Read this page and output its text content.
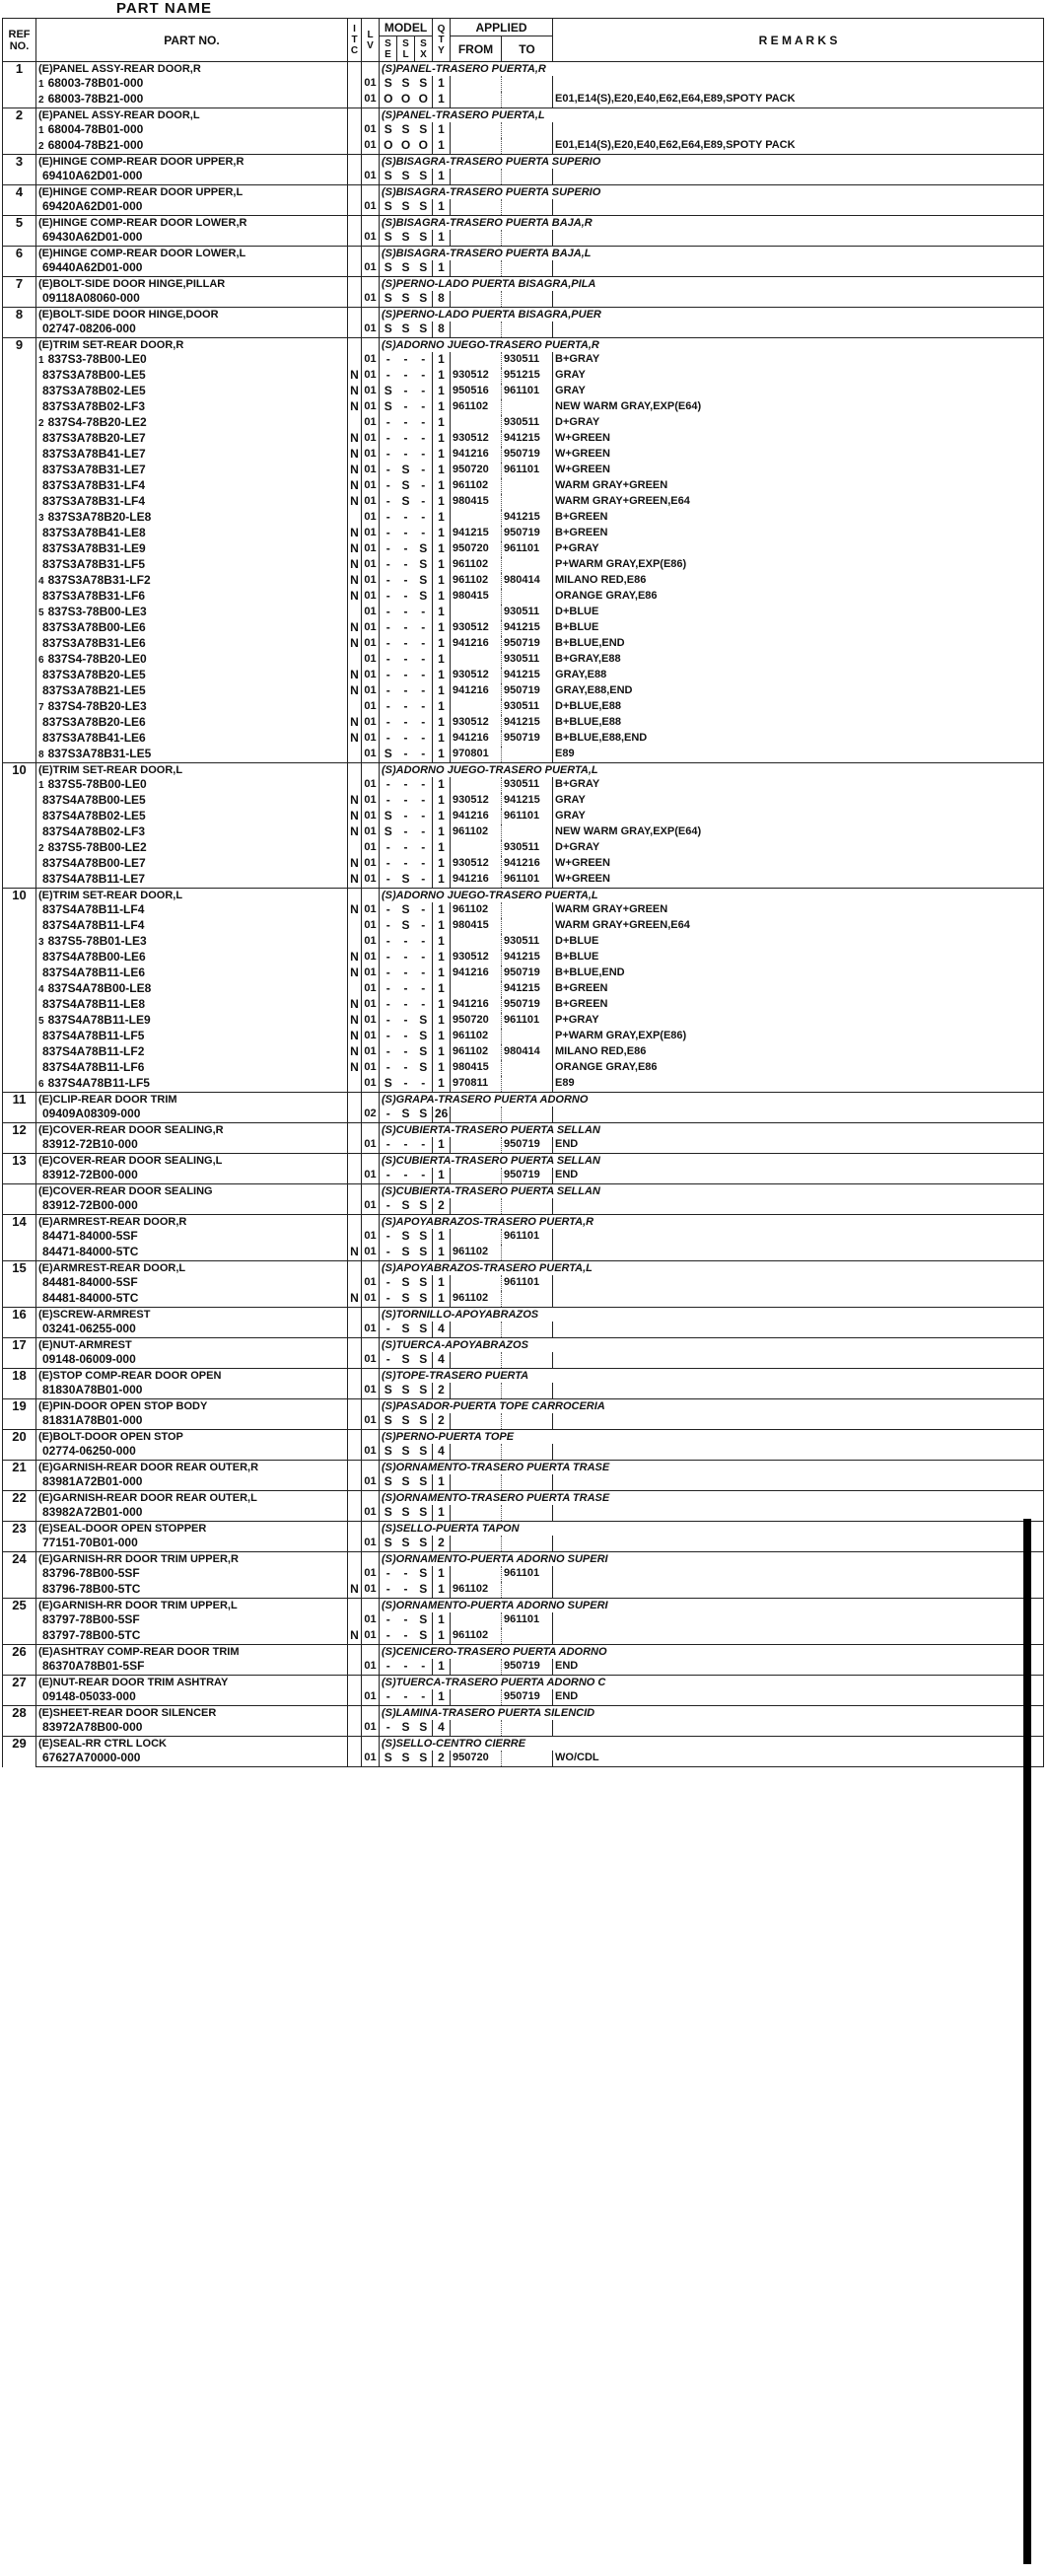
PART NAME
REF
NO.	PART NO.	I
T
C	L
V	MODEL			Q
T
Y	APPLIED		R E M A R K S
				S
E	S
L	S
X		FROM	TO	
1	(E)PANEL ASSY-REAR DOOR,R			(S)PANEL-TRASERO PUERTA,R						
	1 68003-78B01-000		01	S	S	S	1			
	2 68003-78B21-000		01	O	O	O	1			E01,E14(S),E20,E40,E62,E64,E89,SPOTY PACK
2	(E)PANEL ASSY-REAR DOOR,L			(S)PANEL-TRASERO PUERTA,L						
	1 68004-78B01-000		01	S	S	S	1			
	2 68004-78B21-000		01	O	O	O	1			E01,E14(S),E20,E40,E62,E64,E89,SPOTY PACK
3	(E)HINGE COMP-REAR DOOR UPPER,R			(S)BISAGRA-TRASERO PUERTA SUPERIO						
	69410A62D01-000		01	S	S	S	1			
4	(E)HINGE COMP-REAR DOOR UPPER,L			(S)BISAGRA-TRASERO PUERTA SUPERIO						
	69420A62D01-000		01	S	S	S	1			
5	(E)HINGE COMP-REAR DOOR LOWER,R			(S)BISAGRA-TRASERO PUERTA BAJA,R						
	69430A62D01-000		01	S	S	S	1			
6	(E)HINGE COMP-REAR DOOR LOWER,L			(S)BISAGRA-TRASERO PUERTA BAJA,L						
	69440A62D01-000		01	S	S	S	1			
7	(E)BOLT-SIDE DOOR HINGE,PILLAR			(S)PERNO-LADO PUERTA BISAGRA,PILA						
	09118A08060-000		01	S	S	S	8			
8	(E)BOLT-SIDE DOOR HINGE,DOOR			(S)PERNO-LADO PUERTA BISAGRA,PUER						
	02747-08206-000		01	S	S	S	8			
9	(E)TRIM SET-REAR DOOR,R			(S)ADORNO JUEGO-TRASERO PUERTA,R						
	1 837S3-78B00-LE0		01	-	-	-	1		930511	B+GRAY
	837S3A78B00-LE5	N	01	-	-	-	1	930512	951215	GRAY
	837S3A78B02-LE5	N	01	S	-	-	1	950516	961101	GRAY
	837S3A78B02-LF3	N	01	S	-	-	1	961102		NEW WARM GRAY,EXP(E64)
	2 837S4-78B20-LE2		01	-	-	-	1		930511	D+GRAY
	837S3A78B20-LE7	N	01	-	-	-	1	930512	941215	W+GREEN
	837S3A78B41-LE7	N	01	-	-	-	1	941216	950719	W+GREEN
	837S3A78B31-LE7	N	01	-	S	-	1	950720	961101	W+GREEN
	837S3A78B31-LF4	N	01	-	S	-	1	961102		WARM GRAY+GREEN
	837S3A78B31-LF4	N	01	-	S	-	1	980415		WARM GRAY+GREEN,E64
	3 837S3A78B20-LE8		01	-	-	-	1		941215	B+GREEN
	837S3A78B41-LE8	N	01	-	-	-	1	941215	950719	B+GREEN
	837S3A78B31-LE9	N	01	-	-	S	1	950720	961101	P+GRAY
	837S3A78B31-LF5	N	01	-	-	S	1	961102		P+WARM GRAY,EXP(E86)
	4 837S3A78B31-LF2	N	01	-	-	S	1	961102	980414	MILANO RED,E86
	837S3A78B31-LF6	N	01	-	-	S	1	980415		ORANGE GRAY,E86
	5 837S3-78B00-LE3		01	-	-	-	1		930511	D+BLUE
	837S3A78B00-LE6	N	01	-	-	-	1	930512	941215	B+BLUE
	837S3A78B31-LE6	N	01	-	-	-	1	941216	950719	B+BLUE,END
	6 837S4-78B20-LE0		01	-	-	-	1		930511	B+GRAY,E88
	837S3A78B20-LE5	N	01	-	-	-	1	930512	941215	GRAY,E88
	837S3A78B21-LE5	N	01	-	-	-	1	941216	950719	GRAY,E88,END
	7 837S4-78B20-LE3		01	-	-	-	1		930511	D+BLUE,E88
	837S3A78B20-LE6	N	01	-	-	-	1	930512	941215	B+BLUE,E88
	837S3A78B41-LE6	N	01	-	-	-	1	941216	950719	B+BLUE,E88,END
	8 837S3A78B31-LE5		01	S	-	-	1	970801		E89
10	(E)TRIM SET-REAR DOOR,L			(S)ADORNO JUEGO-TRASERO PUERTA,L						
	1 837S5-78B00-LE0		01	-	-	-	1		930511	B+GRAY
	837S4A78B00-LE5	N	01	-	-	-	1	930512	941215	GRAY
	837S4A78B02-LE5	N	01	S	-	-	1	941216	961101	GRAY
	837S4A78B02-LF3	N	01	S	-	-	1	961102		NEW WARM GRAY,EXP(E64)
	2 837S5-78B00-LE2		01	-	-	-	1		930511	D+GRAY
	837S4A78B00-LE7	N	01	-	-	-	1	930512	941216	W+GREEN
	837S4A78B11-LE7	N	01	-	S	-	1	941216	961101	W+GREEN
10	(E)TRIM SET-REAR DOOR,L			(S)ADORNO JUEGO-TRASERO PUERTA,L						
	837S4A78B11-LF4	N	01	-	S	-	1	961102		WARM GRAY+GREEN
	837S4A78B11-LF4		01	-	S	-	1	980415		WARM GRAY+GREEN,E64
	3 837S5-78B01-LE3		01	-	-	-	1		930511	D+BLUE
	837S4A78B00-LE6	N	01	-	-	-	1	930512	941215	B+BLUE
	837S4A78B11-LE6	N	01	-	-	-	1	941216	950719	B+BLUE,END
	4 837S4A78B00-LE8		01	-	-	-	1		941215	B+GREEN
	837S4A78B11-LE8	N	01	-	-	-	1	941216	950719	B+GREEN
	5 837S4A78B11-LE9	N	01	-	-	S	1	950720	961101	P+GRAY
	837S4A78B11-LF5	N	01	-	-	S	1	961102		P+WARM GRAY,EXP(E86)
	837S4A78B11-LF2	N	01	-	-	S	1	961102	980414	MILANO RED,E86
	837S4A78B11-LF6	N	01	-	-	S	1	980415		ORANGE GRAY,E86
	6 837S4A78B11-LF5		01	S	-	-	1	970811		E89
11	(E)CLIP-REAR DOOR TRIM			(S)GRAPA-TRASERO PUERTA ADORNO						
	09409A08309-000		02	-	S	S	26			
12	(E)COVER-REAR DOOR SEALING,R			(S)CUBIERTA-TRASERO PUERTA SELLAN						
	83912-72B10-000		01	-	-	-	1		950719	END
13	(E)COVER-REAR DOOR SEALING,L			(S)CUBIERTA-TRASERO PUERTA SELLAN						
	83912-72B00-000		01	-	-	-	1		950719	END
	(E)COVER-REAR DOOR SEALING			(S)CUBIERTA-TRASERO PUERTA SELLAN						
	83912-72B00-000		01	-	S	S	2			
14	(E)ARMREST-REAR DOOR,R			(S)APOYABRAZOS-TRASERO PUERTA,R						
	84471-84000-5SF		01	-	S	S	1		961101	
	84471-84000-5TC	N	01	-	S	S	1	961102		
15	(E)ARMREST-REAR DOOR,L			(S)APOYABRAZOS-TRASERO PUERTA,L						
	84481-84000-5SF		01	-	S	S	1		961101	
	84481-84000-5TC	N	01	-	S	S	1	961102		
16	(E)SCREW-ARMREST			(S)TORNILLO-APOYABRAZOS						
	03241-06255-000		01	-	S	S	4			
17	(E)NUT-ARMREST			(S)TUERCA-APOYABRAZOS						
	09148-06009-000		01	-	S	S	4			
18	(E)STOP COMP-REAR DOOR OPEN			(S)TOPE-TRASERO PUERTA						
	81830A78B01-000		01	S	S	S	2			
19	(E)PIN-DOOR OPEN STOP BODY			(S)PASADOR-PUERTA TOPE CARROCERIA						
	81831A78B01-000		01	S	S	S	2			
20	(E)BOLT-DOOR OPEN STOP			(S)PERNO-PUERTA TOPE						
	02774-06250-000		01	S	S	S	4			
21	(E)GARNISH-REAR DOOR REAR OUTER,R			(S)ORNAMENTO-TRASERO PUERTA TRASE						
	83981A72B01-000		01	S	S	S	1			
22	(E)GARNISH-REAR DOOR REAR OUTER,L			(S)ORNAMENTO-TRASERO PUERTA TRASE						
	83982A72B01-000		01	S	S	S	1			
23	(E)SEAL-DOOR OPEN STOPPER			(S)SELLO-PUERTA TAPON						
	77151-70B01-000		01	S	S	S	2			
24	(E)GARNISH-RR DOOR TRIM UPPER,R			(S)ORNAMENTO-PUERTA ADORNO SUPERI						
	83796-78B00-5SF		01	-	-	S	1		961101	
	83796-78B00-5TC	N	01	-	-	S	1	961102		
25	(E)GARNISH-RR DOOR TRIM UPPER,L			(S)ORNAMENTO-PUERTA ADORNO SUPERI						
	83797-78B00-5SF		01	-	-	S	1		961101	
	83797-78B00-5TC	N	01	-	-	S	1	961102		
26	(E)ASHTRAY COMP-REAR DOOR TRIM			(S)CENICERO-TRASERO PUERTA ADORNO						
	86370A78B01-5SF		01	-	-	-	1		950719	END
27	(E)NUT-REAR DOOR TRIM ASHTRAY			(S)TUERCA-TRASERO PUERTA ADORNO C						
	09148-05033-000		01	-	-	-	1		950719	END
28	(E)SHEET-REAR DOOR SILENCER			(S)LAMINA-TRASERO PUERTA SILENCID						
	83972A78B00-000		01	-	S	S	4			
29	(E)SEAL-RR CTRL LOCK			(S)SELLO-CENTRO CIERRE						
	67627A70000-000		01	S	S	S	2	950720		WO/CDL
